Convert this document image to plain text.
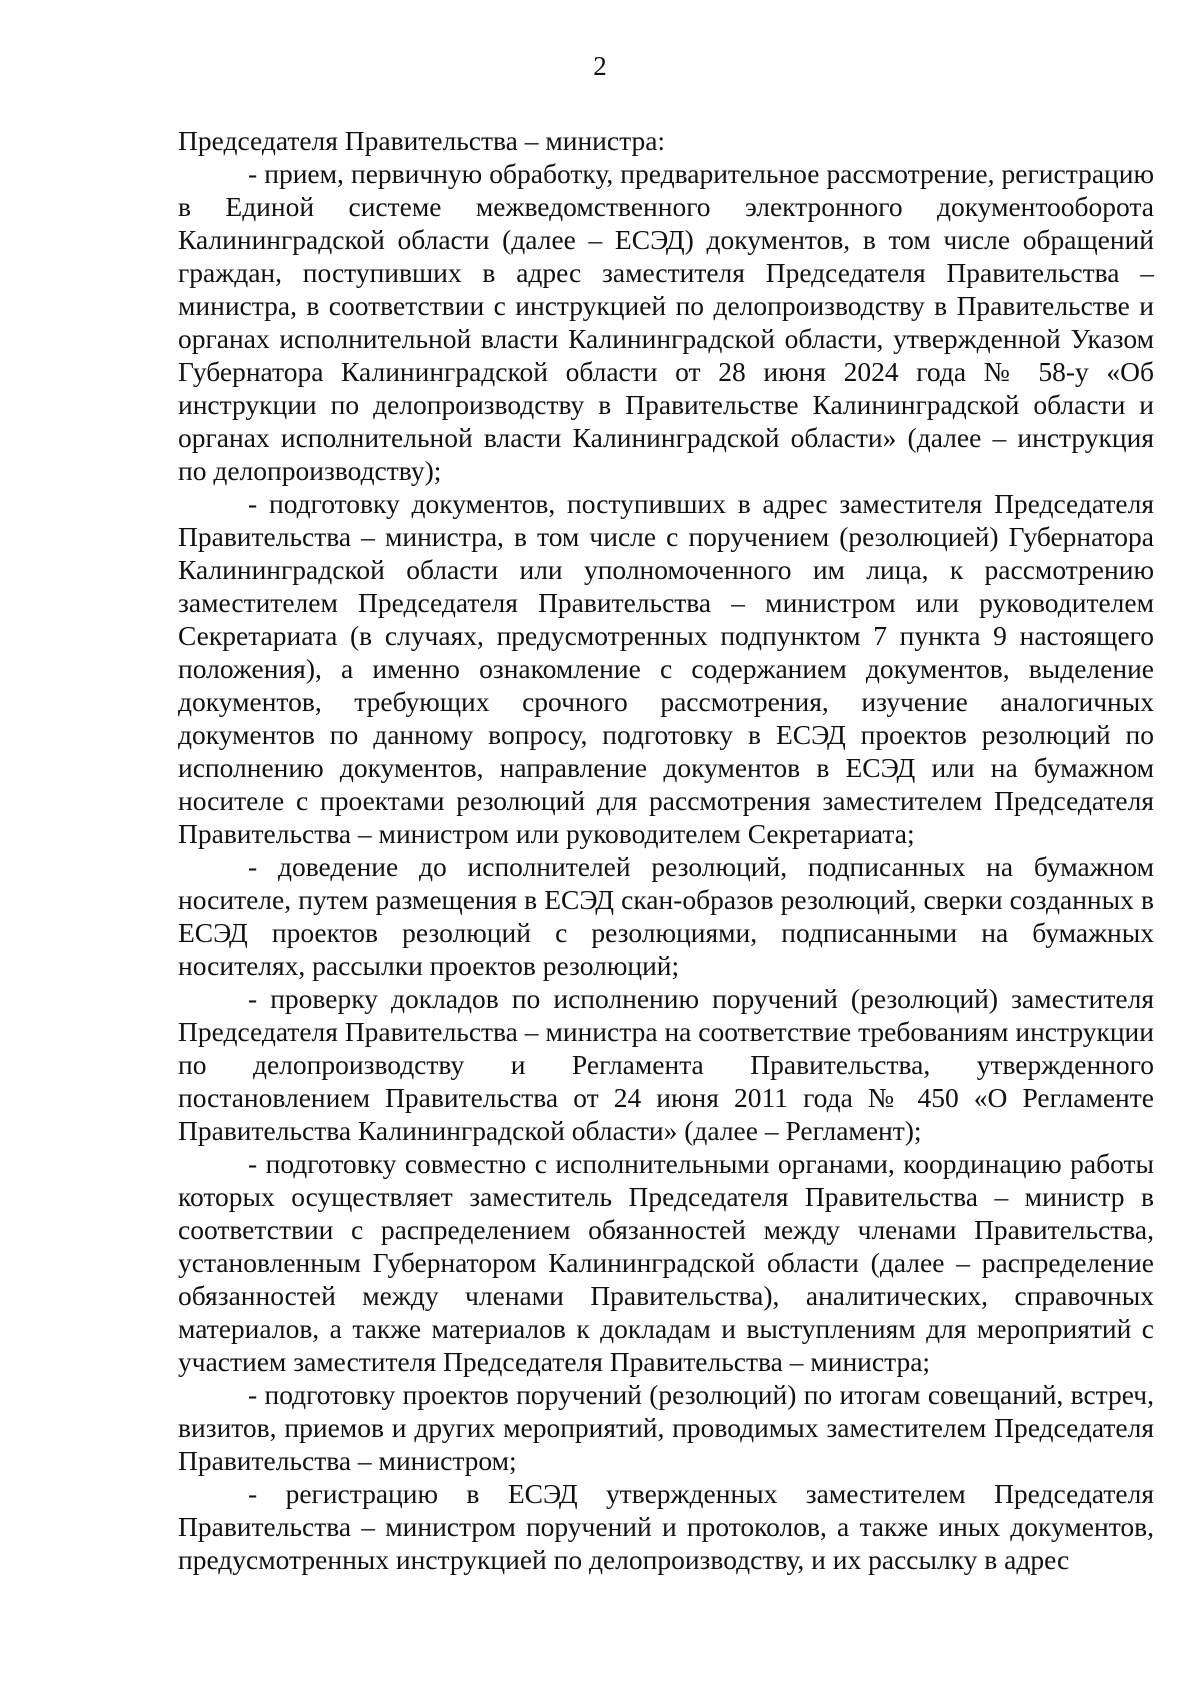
2

Председателя Правительства – министра:

- прием, первичную обработку, предварительное рассмотрение, регистрацию в Единой системе межведомственного электронного документооборота Калининградской области (далее – ЕСЭД) документов, в том числе обращений граждан, поступивших в адрес заместителя Председателя Правительства – министра, в соответствии с инструкцией по делопроизводству в Правительстве и органах исполнительной власти Калининградской области, утвержденной Указом Губернатора Калининградской области от 28 июня 2024 года № 58-у «Об инструкции по делопроизводству в Правительстве Калининградской области и органах исполнительной власти Калининградской области» (далее – инструкция по делопроизводству);

- подготовку документов, поступивших в адрес заместителя Председателя Правительства – министра, в том числе с поручением (резолюцией) Губернатора Калининградской области или уполномоченного им лица, к рассмотрению заместителем Председателя Правительства – министром или руководителем Секретариата (в случаях, предусмотренных подпунктом 7 пункта 9 настоящего положения), а именно ознакомление с содержанием документов, выделение документов, требующих срочного рассмотрения, изучение аналогичных документов по данному вопросу, подготовку в ЕСЭД проектов резолюций по исполнению документов, направление документов в ЕСЭД или на бумажном носителе с проектами резолюций для рассмотрения заместителем Председателя Правительства – министром или руководителем Секретариата;

- доведение до исполнителей резолюций, подписанных на бумажном носителе, путем размещения в ЕСЭД скан-образов резолюций, сверки созданных в ЕСЭД проектов резолюций с резолюциями, подписанными на бумажных носителях, рассылки проектов резолюций;

- проверку докладов по исполнению поручений (резолюций) заместителя Председателя Правительства – министра на соответствие требованиям инструкции по делопроизводству и Регламента Правительства, утвержденного постановлением Правительства от 24 июня 2011 года № 450 «О Регламенте Правительства Калининградской области» (далее – Регламент);

- подготовку совместно с исполнительными органами, координацию работы которых осуществляет заместитель Председателя Правительства – министр в соответствии с распределением обязанностей между членами Правительства, установленным Губернатором Калининградской области (далее – распределение обязанностей между членами Правительства), аналитических, справочных материалов, а также материалов к докладам и выступлениям для мероприятий с участием заместителя Председателя Правительства – министра;

- подготовку проектов поручений (резолюций) по итогам совещаний, встреч, визитов, приемов и других мероприятий, проводимых заместителем Председателя Правительства – министром;

- регистрацию в ЕСЭД утвержденных заместителем Председателя Правительства – министром поручений и протоколов, а также иных документов, предусмотренных инструкцией по делопроизводству, и их рассылку в адрес
